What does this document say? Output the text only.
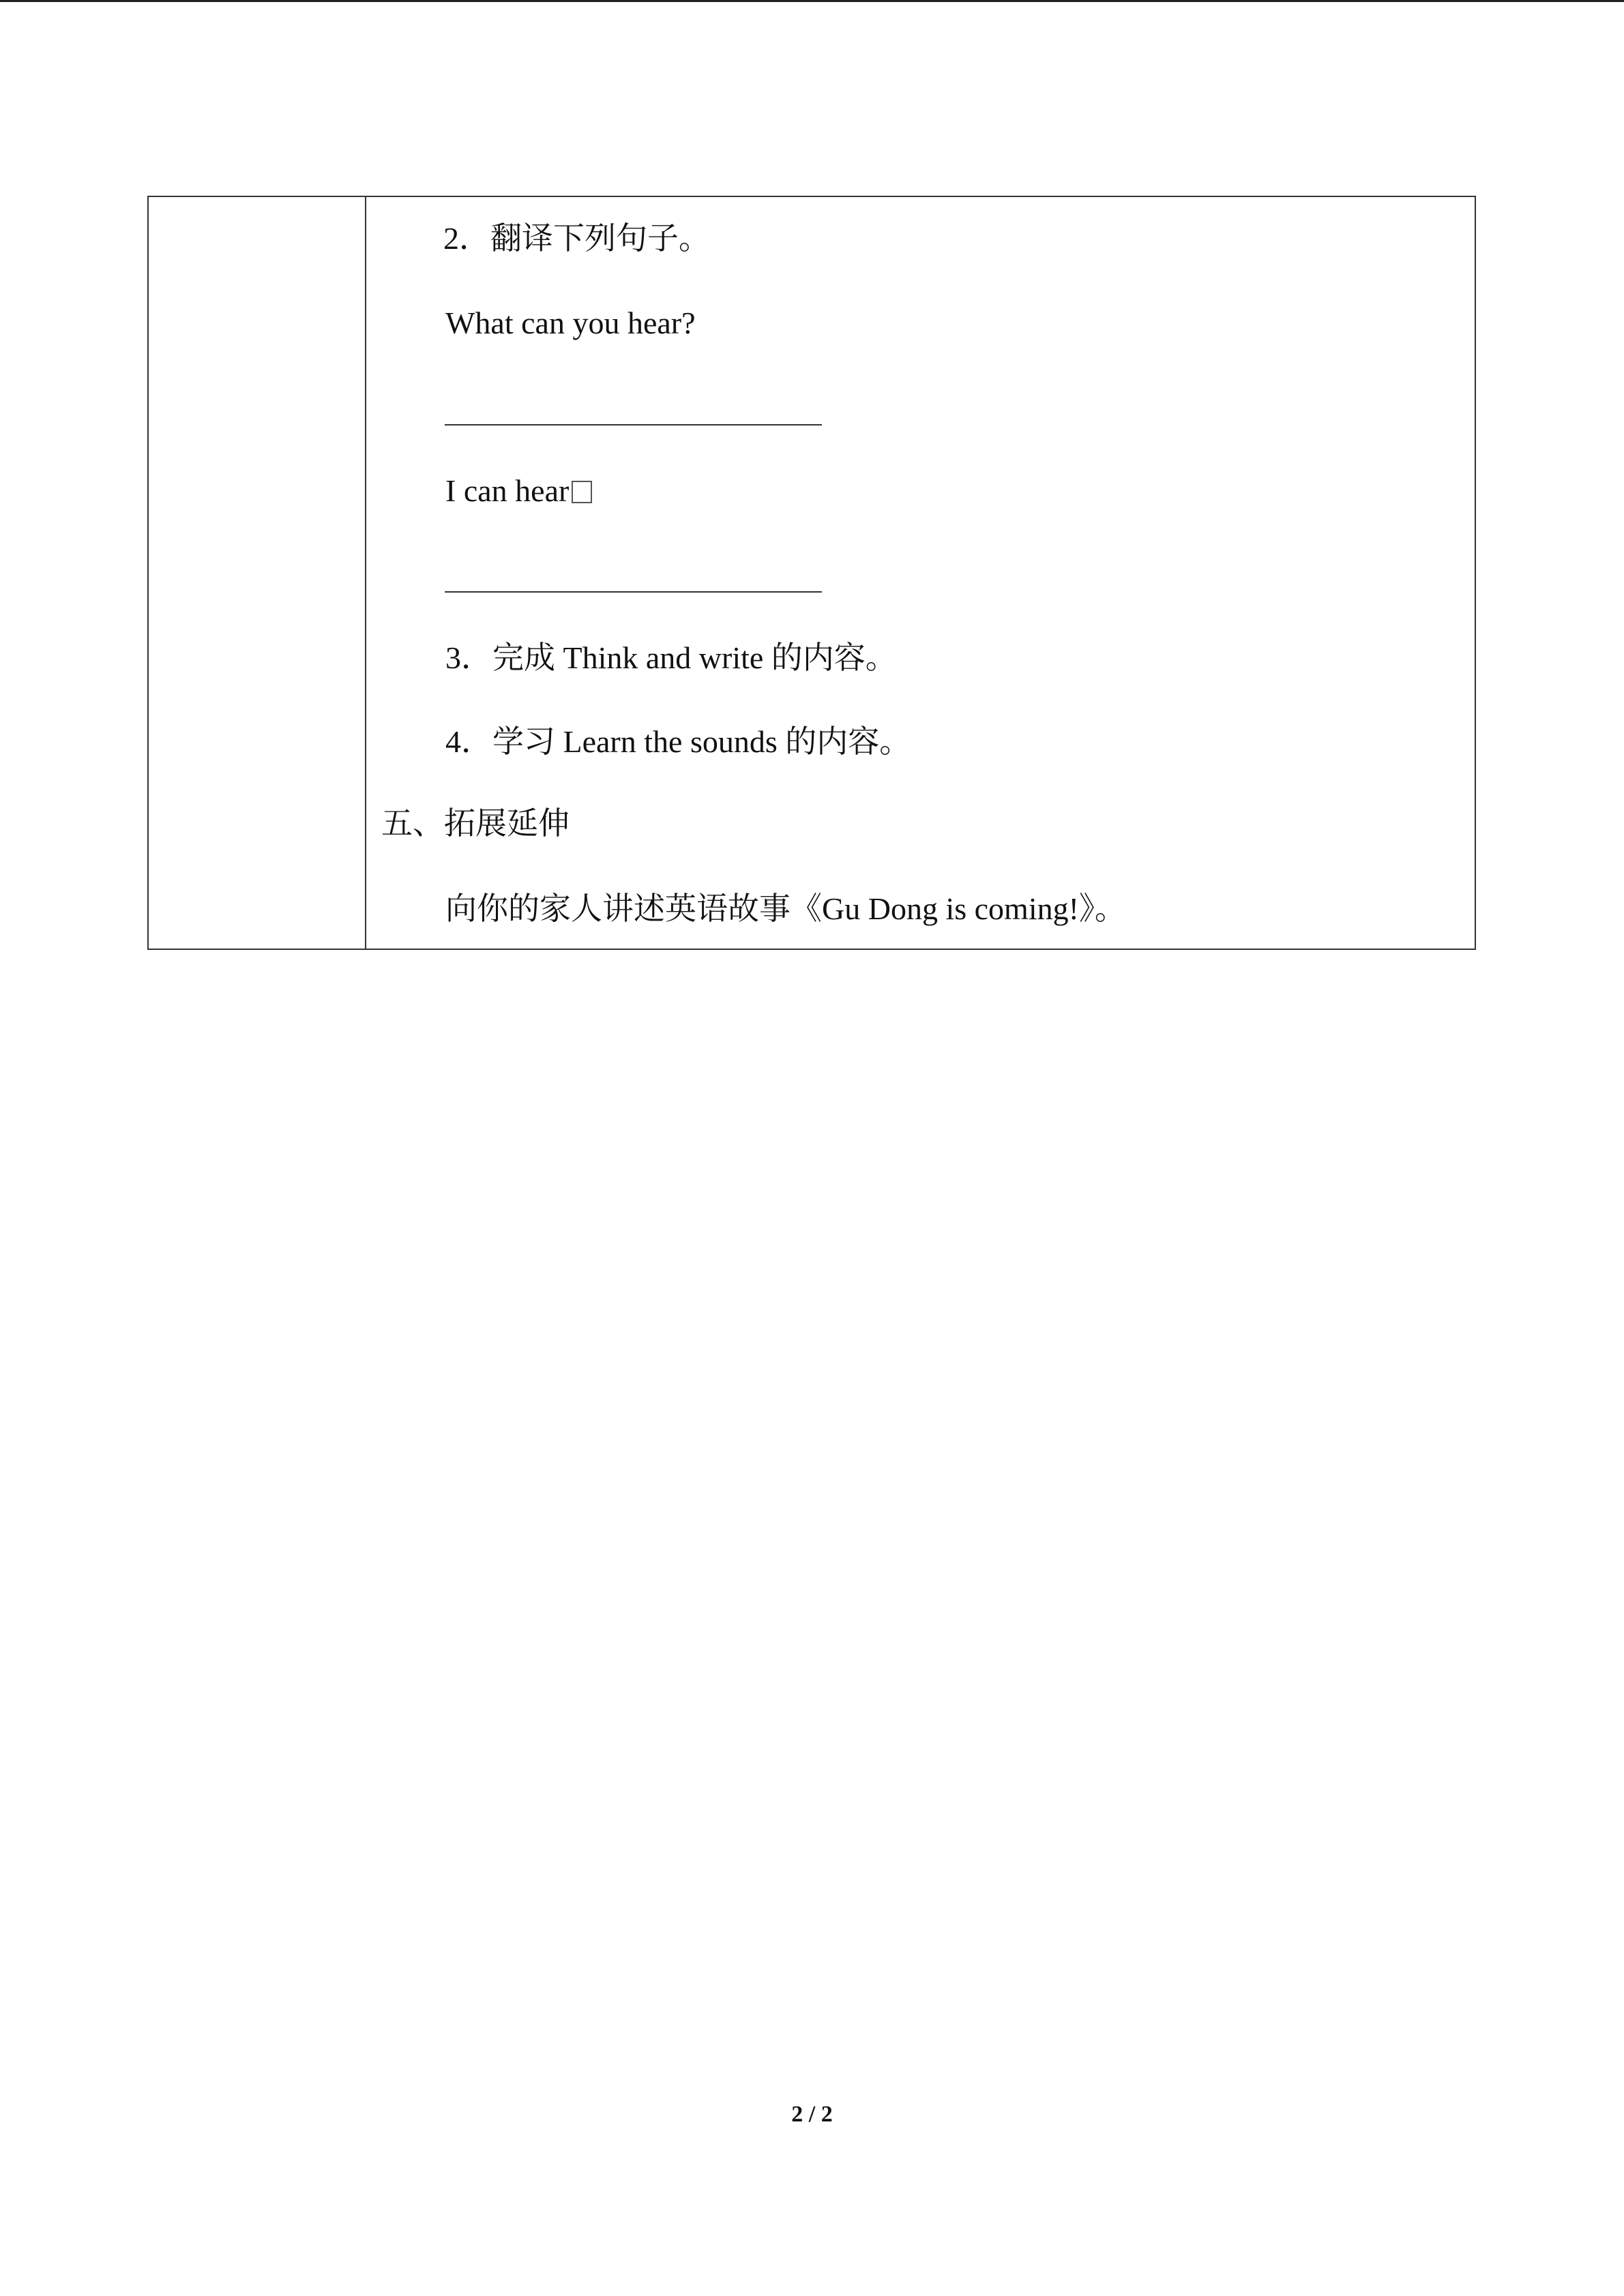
2．翻译下列句子。
What can you hear?
I can hear
3．完成 Think and write 的内容。
4．学习 Learn the sounds 的内容。
五、拓展延伸
向你的家人讲述英语故事《Gu Dong is coming!》。
2 / 2
